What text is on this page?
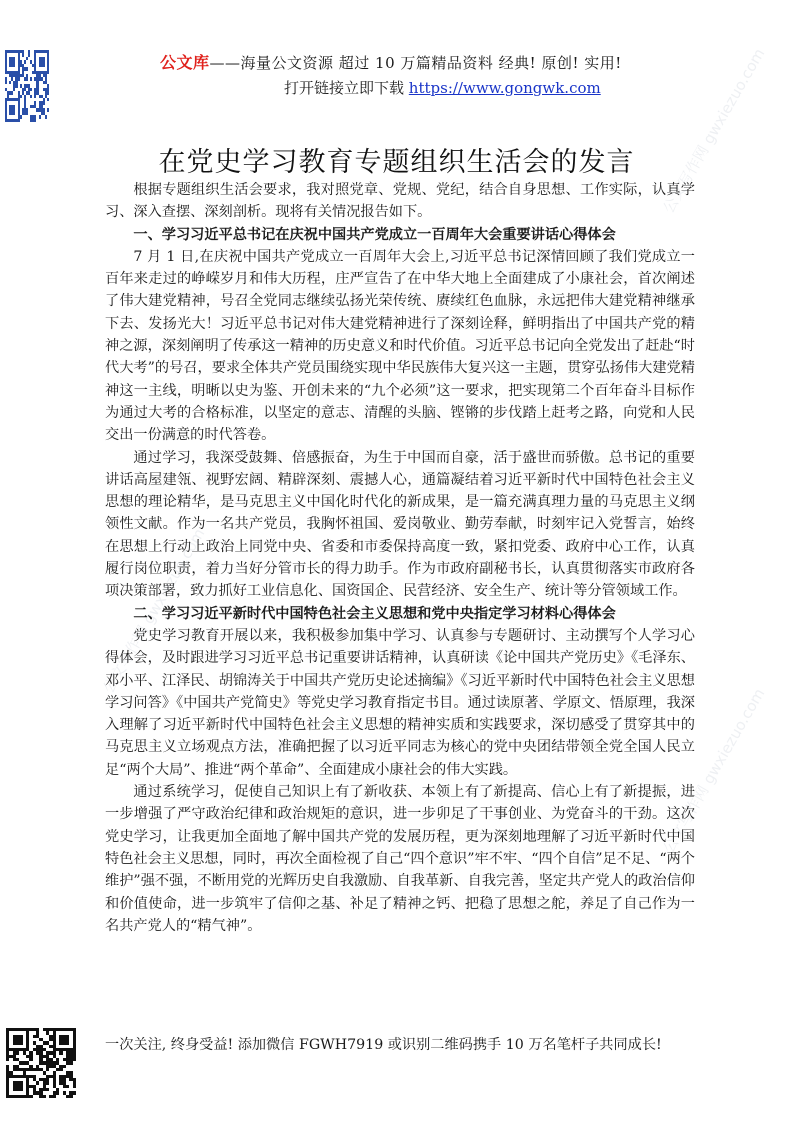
公文库——海量公文资源 超过 10 万篇精品资料 经典! 原创! 实用!
打开链接立即下载 https://www.gongwk.com
在党史学习教育专题组织生活会的发言

根据专题组织生活会要求，我对照党章、党规、党纪，结合自身思想、工作实际，认真学习、深入查摆、深刻剖析。现将有关情况报告如下。

一、学习习近平总书记在庆祝中国共产党成立一百周年大会重要讲话心得体会

7 月 1 日,在庆祝中国共产党成立一百周年大会上,习近平总书记深情回顾了我们党成立一百年来走过的峥嵘岁月和伟大历程，庄严宣告了在中华大地上全面建成了小康社会，首次阐述了伟大建党精神，号召全党同志继续弘扬光荣传统、赓续红色血脉，永远把伟大建党精神继承下去、发扬光大！习近平总书记对伟大建党精神进行了深刻诠释，鲜明指出了中国共产党的精神之源，深刻阐明了传承这一精神的历史意义和时代价值。习近平总书记向全党发出了赶赴“时代大考”的号召，要求全体共产党员围绕实现中华民族伟大复兴这一主题，贯穿弘扬伟大建党精神这一主线，明晰以史为鉴、开创未来的“九个必须”这一要求，把实现第二个百年奋斗目标作为通过大考的合格标准，以坚定的意志、清醒的头脑、铿锵的步伐踏上赶考之路，向党和人民交出一份满意的时代答卷。

通过学习，我深受鼓舞、倍感振奋，为生于中国而自豪，活于盛世而骄傲。总书记的重要讲话高屋建瓴、视野宏阔、精辟深刻、震撼人心，通篇凝结着习近平新时代中国特色社会主义思想的理论精华，是马克思主义中国化时代化的新成果，是一篇充满真理力量的马克思主义纲领性文献。作为一名共产党员，我胸怀祖国、爱岗敬业、勤劳奉献，时刻牢记入党誓言，始终在思想上行动上政治上同党中央、省委和市委保持高度一致，紧扣党委、政府中心工作，认真履行岗位职责，着力当好分管市长的得力助手。作为市政府副秘书长，认真贯彻落实市政府各项决策部署，致力抓好工业信息化、国资国企、民营经济、安全生产、统计等分管领域工作。

二、学习习近平新时代中国特色社会主义思想和党中央指定学习材料心得体会

党史学习教育开展以来，我积极参加集中学习、认真参与专题研讨、主动撰写个人学习心得体会，及时跟进学习习近平总书记重要讲话精神，认真研读《论中国共产党历史》《毛泽东、邓小平、江泽民、胡锦涛关于中国共产党历史论述摘编》《习近平新时代中国特色社会主义思想学习问答》《中国共产党简史》等党史学习教育指定书目。通过读原著、学原文、悟原理，我深入理解了习近平新时代中国特色社会主义思想的精神实质和实践要求，深切感受了贯穿其中的马克思主义立场观点方法，准确把握了以习近平同志为核心的党中央团结带领全党全国人民立足“两个大局”、推进“两个革命”、全面建成小康社会的伟大实践。

通过系统学习，促使自己知识上有了新收获、本领上有了新提高、信心上有了新提振，进一步增强了严守政治纪律和政治规矩的意识，进一步卯足了干事创业、为党奋斗的干劲。这次党史学习，让我更加全面地了解中国共产党的发展历程，更为深刻地理解了习近平新时代中国特色社会主义思想，同时，再次全面检视了自己“四个意识”牢不牢、“四个自信”足不足、“两个维护”强不强，不断用党的光辉历史自我激励、自我革新、自我完善，坚定共产党人的政治信仰和价值使命，进一步筑牢了信仰之基、补足了精神之钙、把稳了思想之舵，养足了自己作为一名共产党人的“精气神”。

一次关注, 终身受益! 添加微信 FGWH7919 或识别二维码携手 10 万名笔杆子共同成长!
公文写作网 gwxiezuo.com
公文写作网 gwxiezuo.com
公文写作网 gwxiezuo.com
